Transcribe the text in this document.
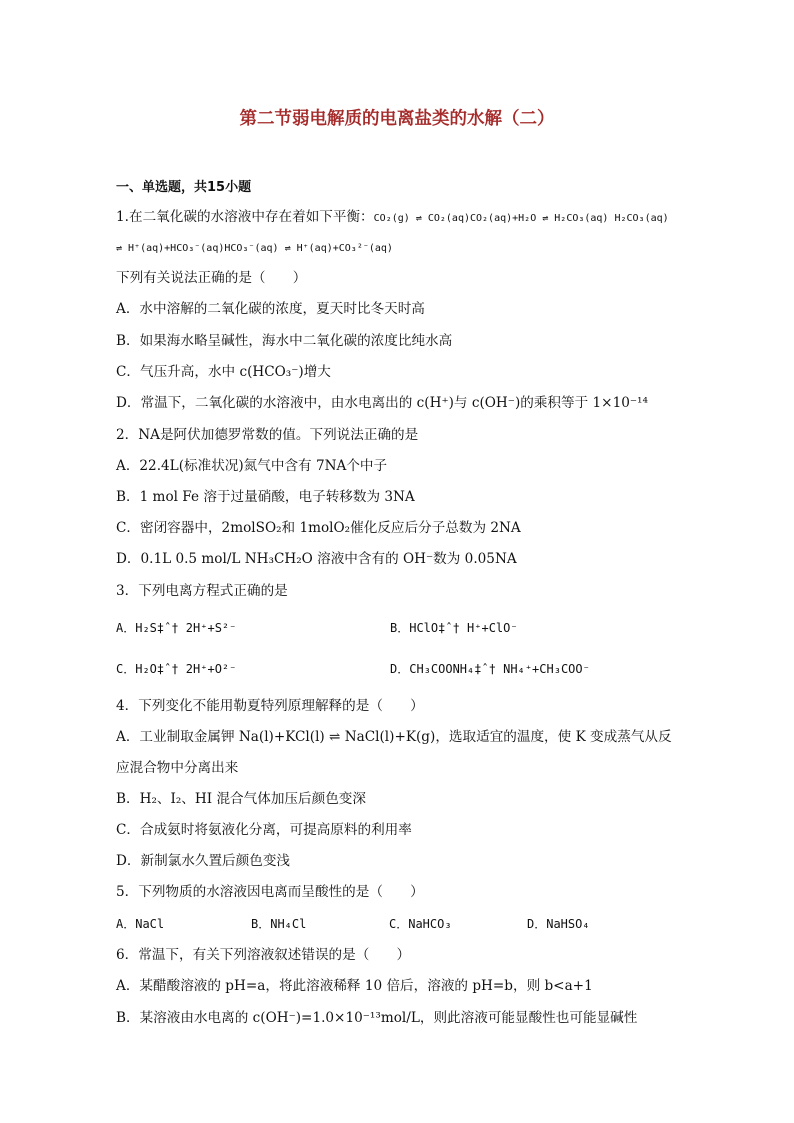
第二节弱电解质的电离盐类的水解（二）
一、单选题，共15小题
1.在二氧化碳的水溶液中存在着如下平衡：CO₂(g) ⇌ CO₂(aq)CO₂(aq)+H₂O ⇌ H₂CO₃(aq) H₂CO₃(aq)
⇌ H⁺(aq)+HCO₃⁻(aq)HCO₃⁻(aq) ⇌ H⁺(aq)+CO₃²⁻(aq)
下列有关说法正确的是（　　）
A．水中溶解的二氧化碳的浓度，夏天时比冬天时高
B．如果海水略呈碱性，海水中二氧化碳的浓度比纯水高
C．气压升高，水中 c(HCO₃⁻)增大
D．常温下，二氧化碳的水溶液中，由水电离出的 c(H⁺)与 c(OH⁻)的乘积等于 1×10⁻¹⁴
2．NA是阿伏加德罗常数的值。下列说法正确的是
A．22.4L(标准状况)氮气中含有 7NA个中子
B．1 mol Fe 溶于过量硝酸，电子转移数为 3NA
C．密闭容器中，2molSO₂和 1molO₂催化反应后分子总数为 2NA
D．0.1L 0.5 mol/L NH₃CH₂O 溶液中含有的 OH⁻数为 0.05NA
3．下列电离方程式正确的是
A．H₂S‡ˆ† 2H⁺+S²⁻	B．HClO‡ˆ† H⁺+ClO⁻
C．H₂O‡ˆ† 2H⁺+O²⁻	D．CH₃COONH₄‡ˆ† NH₄⁺+CH₃COO⁻
4．下列变化不能用勒夏特列原理解释的是（　　）
A．工业制取金属钾 Na(l)+KCl(l) ⇌ NaCl(l)+K(g)，选取适宜的温度，使 K 变成蒸气从反
应混合物中分离出来
B．H₂、I₂、HI 混合气体加压后颜色变深
C．合成氨时将氨液化分离，可提高原料的利用率
D．新制氯水久置后颜色变浅
5．下列物质的水溶液因电离而呈酸性的是（　　）
A．NaCl	B．NH₄Cl	C．NaHCO₃	D．NaHSO₄
6．常温下，有关下列溶液叙述错误的是（　　）
A．某醋酸溶液的 pH=a，将此溶液稀释 10 倍后，溶液的 pH=b，则 b<a+1
B．某溶液由水电离的 c(OH⁻)=1.0×10⁻¹³mol/L，则此溶液可能显酸性也可能显碱性
